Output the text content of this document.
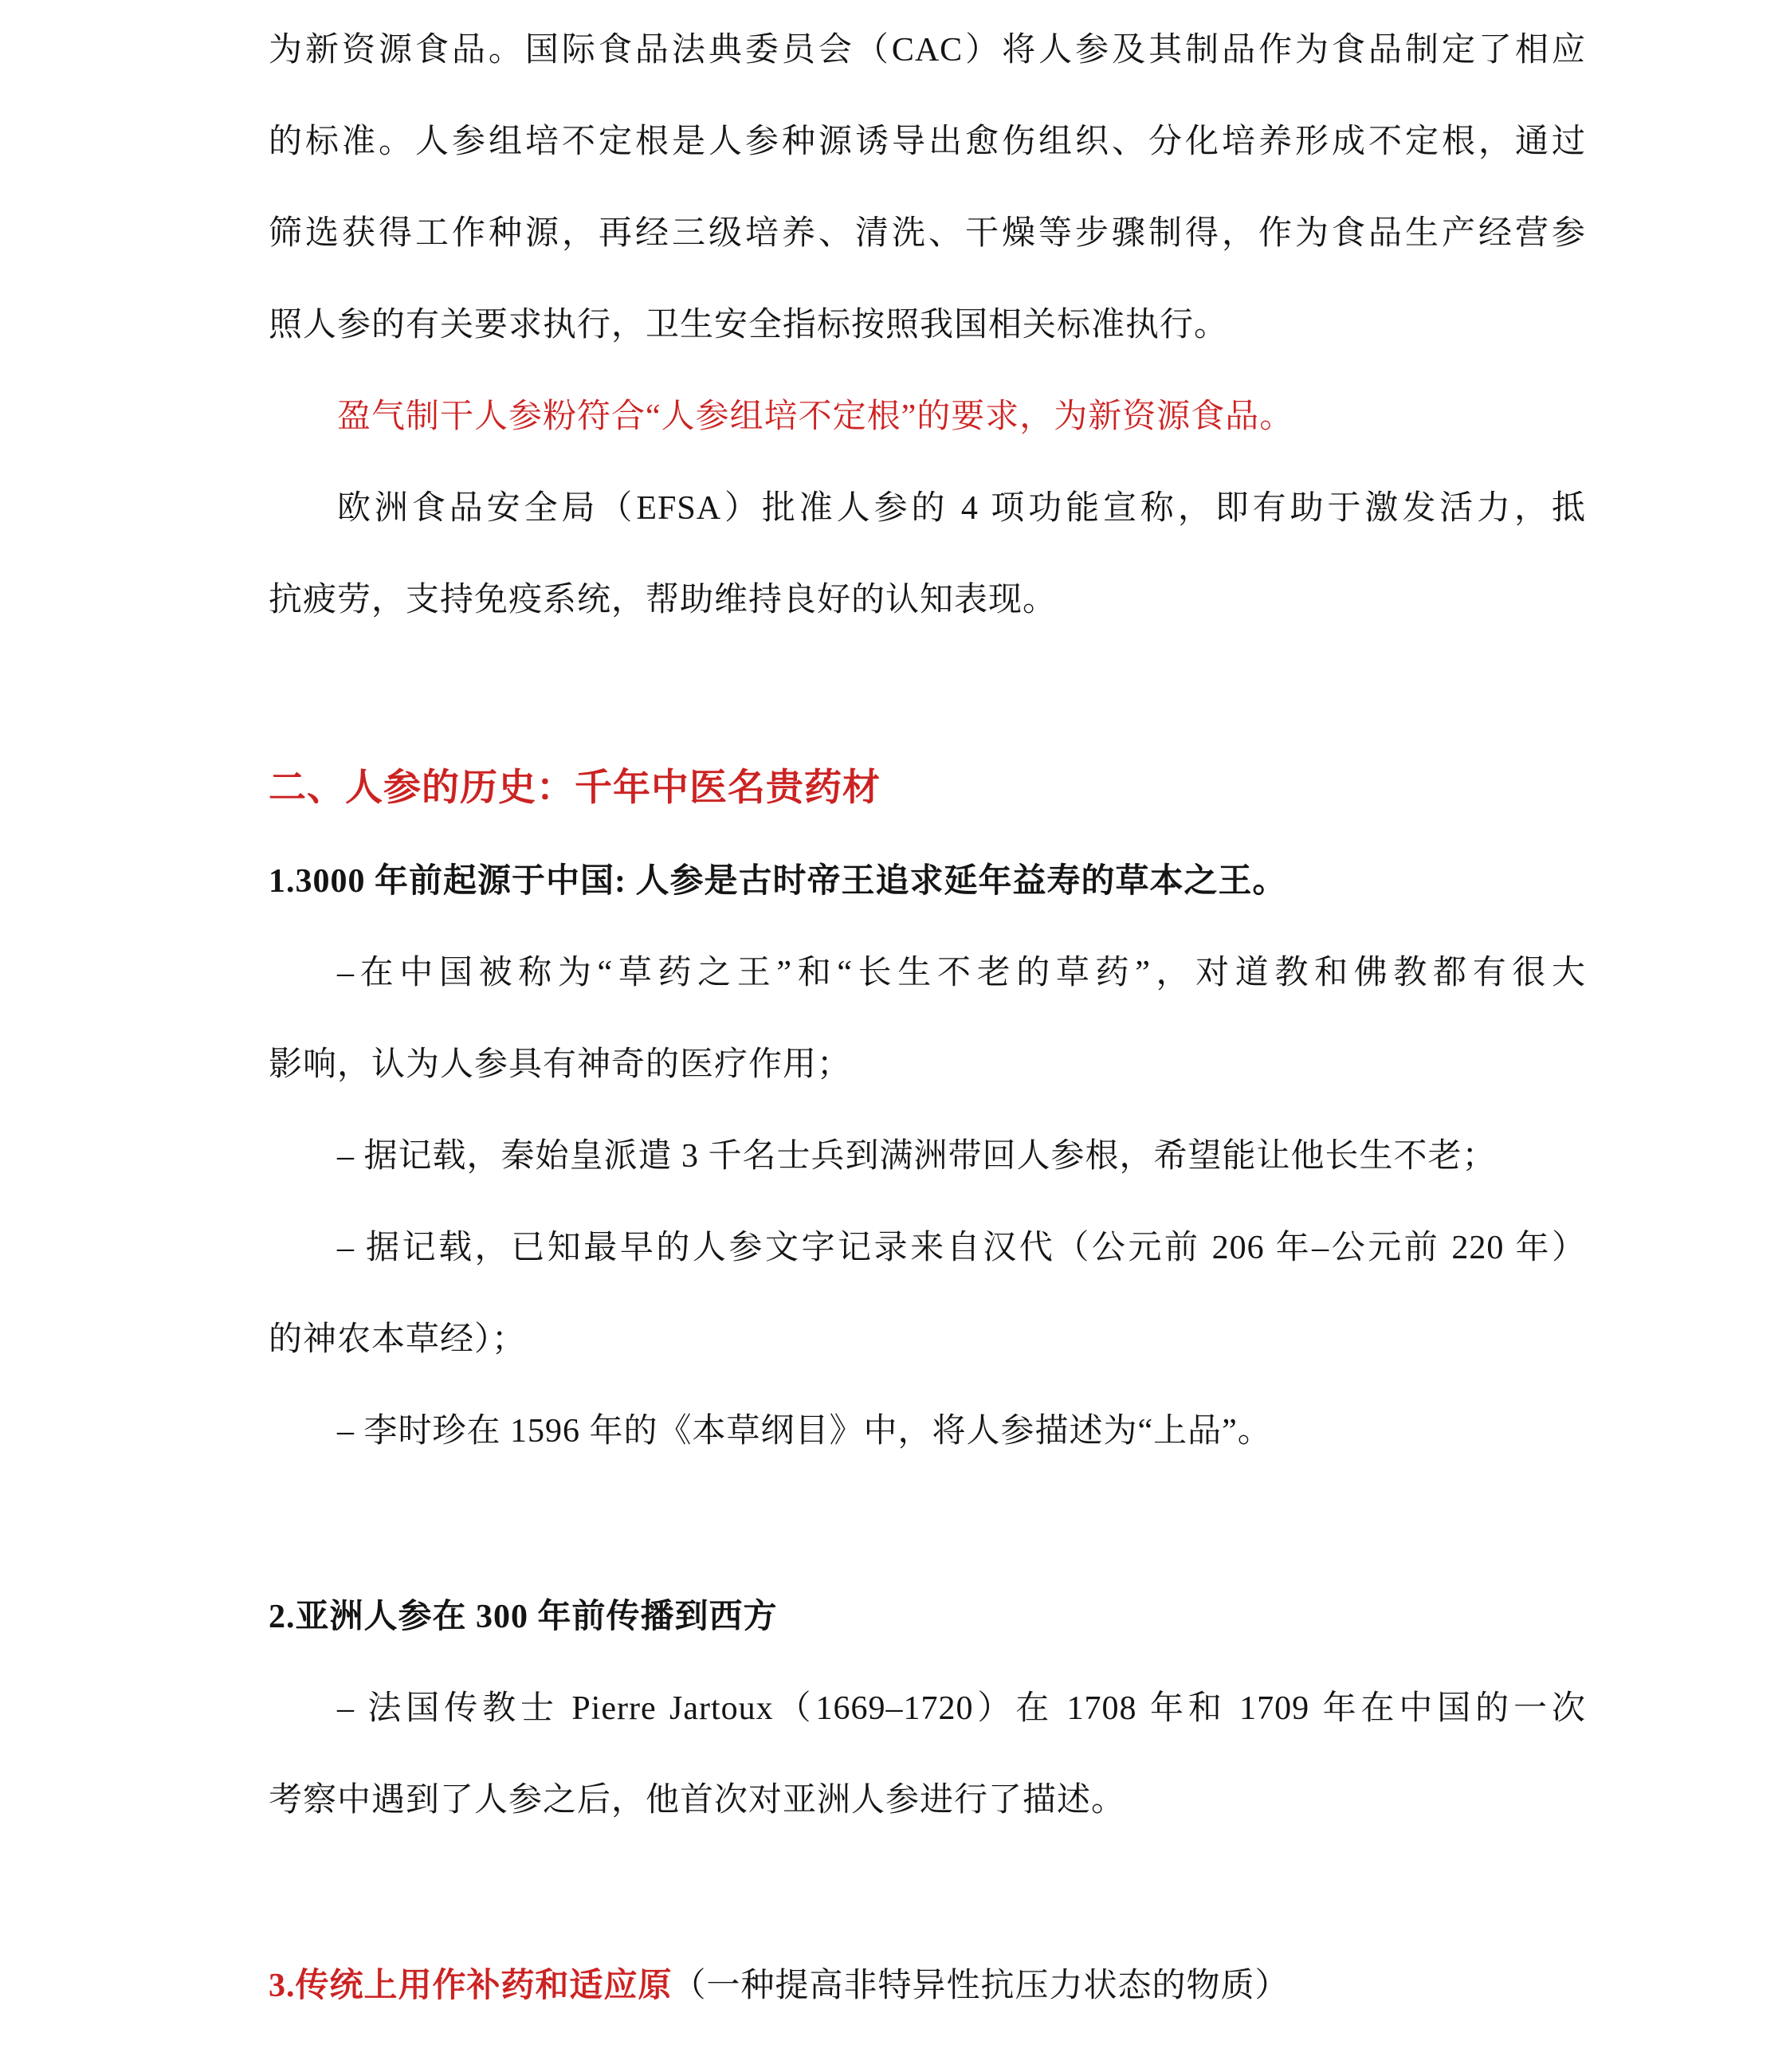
为新资源食品。国际食品法典委员会（CAC）将人参及其制品作为食品制定了相应
的标准。人参组培不定根是人参种源诱导出愈伤组织、分化培养形成不定根，通过
筛选获得工作种源，再经三级培养、清洗、干燥等步骤制得，作为食品生产经营参
照人参的有关要求执行，卫生安全指标按照我国相关标准执行。
盈气制干人参粉符合“人参组培不定根”的要求，为新资源食品。
欧洲食品安全局（EFSA）批准人参的 4 项功能宣称，即有助于激发活力，抵
抗疲劳，支持免疫系统，帮助维持良好的认知表现。
二、人参的历史：千年中医名贵药材
1.3000 年前起源于中国: 人参是古时帝王追求延年益寿的草本之王。
–在中国被称为“草药之王”和“长生不老的草药”，对道教和佛教都有很大
影响，认为人参具有神奇的医疗作用；
– 据记载，秦始皇派遣 3 千名士兵到满洲带回人参根，希望能让他长生不老；
– 据记载，已知最早的人参文字记录来自汉代（公元前 206 年–公元前 220 年）
的神农本草经）；
– 李时珍在 1596 年的《本草纲目》中，将人参描述为“上品”。
2.亚洲人参在 300 年前传播到西方
– 法国传教士 Pierre Jartoux（1669–1720）在 1708 年和 1709 年在中国的一次
考察中遇到了人参之后，他首次对亚洲人参进行了描述。
3.传统上用作补药和适应原（一种提高非特异性抗压力状态的物质）
